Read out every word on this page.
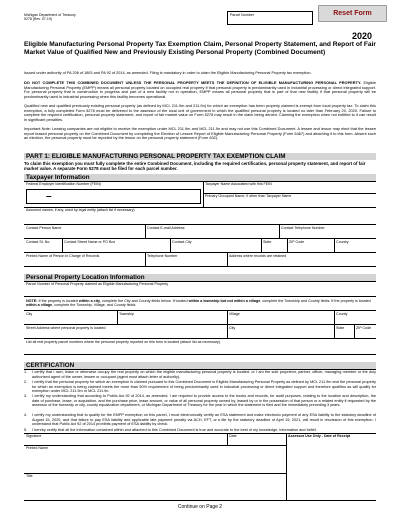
Michigan Department of Treasury
5278 (Rev. 07-19)
Parcel Number	Reset Form
2020
Eligible Manufacturing Personal Property Tax Exemption Claim, Personal Property Statement, and Report of Fair Market Value of Qualified New and Previously Existing Personal Property (Combined Document)
Issued under authority of PA 206 of 1893 and PA 92 of 2014, as amended. Filing is mandatory in order to claim the Eligible Manufacturing Personal Property tax exemption.
DO NOT COMPLETE THIS COMBINED DOCUMENT UNLESS THE PERSONAL PROPERTY MEETS THE DEFINITION OF ELIGIBLE MANUFACTURING PERSONAL PROPERTY. Eligible Manufacturing Personal Property (EMPP) means all personal property located on occupied real property if that personal property is predominantly used in industrial processing or direct integrated support. For personal property that is construction in progress and part of a new facility not in operation, EMPP means all personal property that is part of that new facility if that personal property will be predominantly used in industrial processing when this facility becomes operational.
Qualified new and qualified previously existing personal property (as defined by MCL 211.9m and 211.9n) for which an exemption has been properly claimed is exempt from local property tax. To claim this exemption, a fully completed Form 5278 must be delivered to the assessor of the local unit of government in which the qualified personal property is located no later than February 20, 2020. Failure to complete the required certification, personal property statement, and report of fair market value on Form 5278 may result in the claim being denied. Claiming the exemption when not entitled to it can result in significant penalties.
Important Note: Leasing companies are not eligible to receive the exemption under MCL 211.9m and MCL 211.9n and may not use this Combined Document. A lessee and lessor may elect that the lessee report leased personal property on the Combined Document by completing the Election of Lessee Report of Eligible Manufacturing Personal Property (Form 5467) and attaching it to this form. Absent such an election, the personal property must be reported by the lessor on the personal property statement (Form 632).
PART 1: ELIGIBLE MANUFACTURING PERSONAL PROPERTY TAX EXEMPTION CLAIM
To claim this exemption you must fully complete the entire Combined Document, including the required certification, personal property statement, and report of fair market value. A separate Form 5278 must be filed for each parcel number.
Taxpayer Information
Federal Employer Identification Number (FEIN)
–
Taxpayer Name Associated with this FEIN
Primary Occupant Name, if other than Taxpayer Name
Assumed names, if any, used by legal entity (attach list if necessary)
Contact Person Name	Contact E-mail Address	Contact Telephone Number
Contact St. No.	Contact Street Name or PO Box	Contact City	State	ZIP Code	Country
Printed Name of Person in Charge of Records	Telephone Number	Address where records are retained
Personal Property Location Information
Parcel Number of Personal Property claimed as Eligible Manufacturing Personal Property
NOTE: If the property is located within a city, complete the City and County fields below. If located within a township but not within a village, complete the Township and County fields. If the property is located within a village, complete the Township, Village, and County fields.
City	Township	Village	County
Street Address where personal property is located	City	State	ZIP Code
List all real property parcel numbers where the personal property reported on this form is located (attach list as necessary).
CERTIFICATION
1.	I certify that I own, lease or otherwise occupy the real property on which the eligible manufacturing personal property is located, or I am the sole proprietor, partner, officer, managing member or the duly authorized agent of the owner, lessee or occupant (agent must attach letter of authority).
2.	I certify that the personal property for which an exemption is claimed pursuant to this Combined Document is Eligible Manufacturing Personal Property as defined by MCL 211.9m and the personal property for which an exemption is being claimed meets the more than 50% requirement of being predominantly used in industrial processing or direct integrated support and therefore qualifies as will qualify for exemption under MCL 211.9m or MCL 211.9n.
3.	I certify my understanding that according to Public Act 92 of 2014, as amended, I am required to provide access to the books and records, for audit purposes, relating to the location and description, the date of purchase, lease, or acquisition, and the purchase price, lease amount, or value of all personal property owned by, leased by or in the possession of that person or a related entity if requested by the assessor of the township or city, county equalization department, or Michigan Department of Treasury for the year in which the statement is filed and the immediately preceding 3 years.
4.	I certify my understanding that to qualify for the EMPP exemption on this parcel, I must electronically certify an ESA statement and make electronic payment of any ESA liability to the statutory deadline of August 15, 2020, and that failure to pay ESA liability and applicable late payment penalty via ACH, EFT, or e-file by the statutory deadline of April 15, 2021, will result in rescission of this exemption. I understand that Public Act 92 of 2014 prohibits payment of ESA liability by check.
5.	I hereby certify that all the information contained within and attached to this Combined Document is true and accurate to the best of my knowledge, information and belief.
Signature	Date	Assessor Use Only - Date of Receipt
Printed Name
Title
Continue on Page 2
